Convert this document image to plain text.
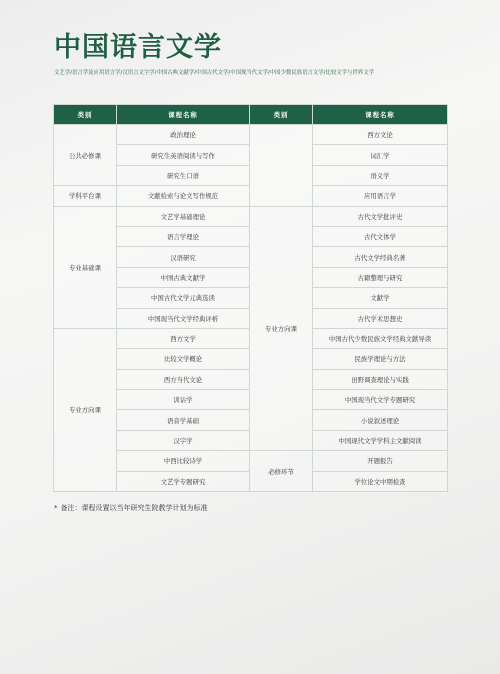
中国语言文学
文艺学/语言学及应用语言学/汉语言文字学/中国古典文献学/中国古代文学/中国现当代文学/中国少数民族语言文学/比较文学与世界文学
类别	课程名称	类别	课程名称
公共必修课	政治理论		西方文论
	研究生英语阅读与写作		词汇学
	研究生口语		语义学
学科平台课	文献检索与论文写作规范		应用语言学
专业基础课	文艺学基础理论	专业方向课	古代文学批评史
	语言学理论		古代文体学
	汉语研究		古代文学经典名著
	中国古典文献学		古籍整理与研究
	中国古代文学元典选读		文献学
	中国现当代文学经典评析		古代学术思想史
专业方向课	西方文学		中国古代少数民族文学经典文献导读
	比较文学概论		民族学理论与方法
	西方当代文论		田野调查理论与实践
	训诂学		中国现当代文学专题研究
	语音学基础		小说叙述理论
	汉字学		中国现代文学学科主文献阅读
	中西比较诗学	必修环节	开题报告
	文艺学专题研究		学位论文中期检查
* 备注：课程设置以当年研究生院教学计划为标准
